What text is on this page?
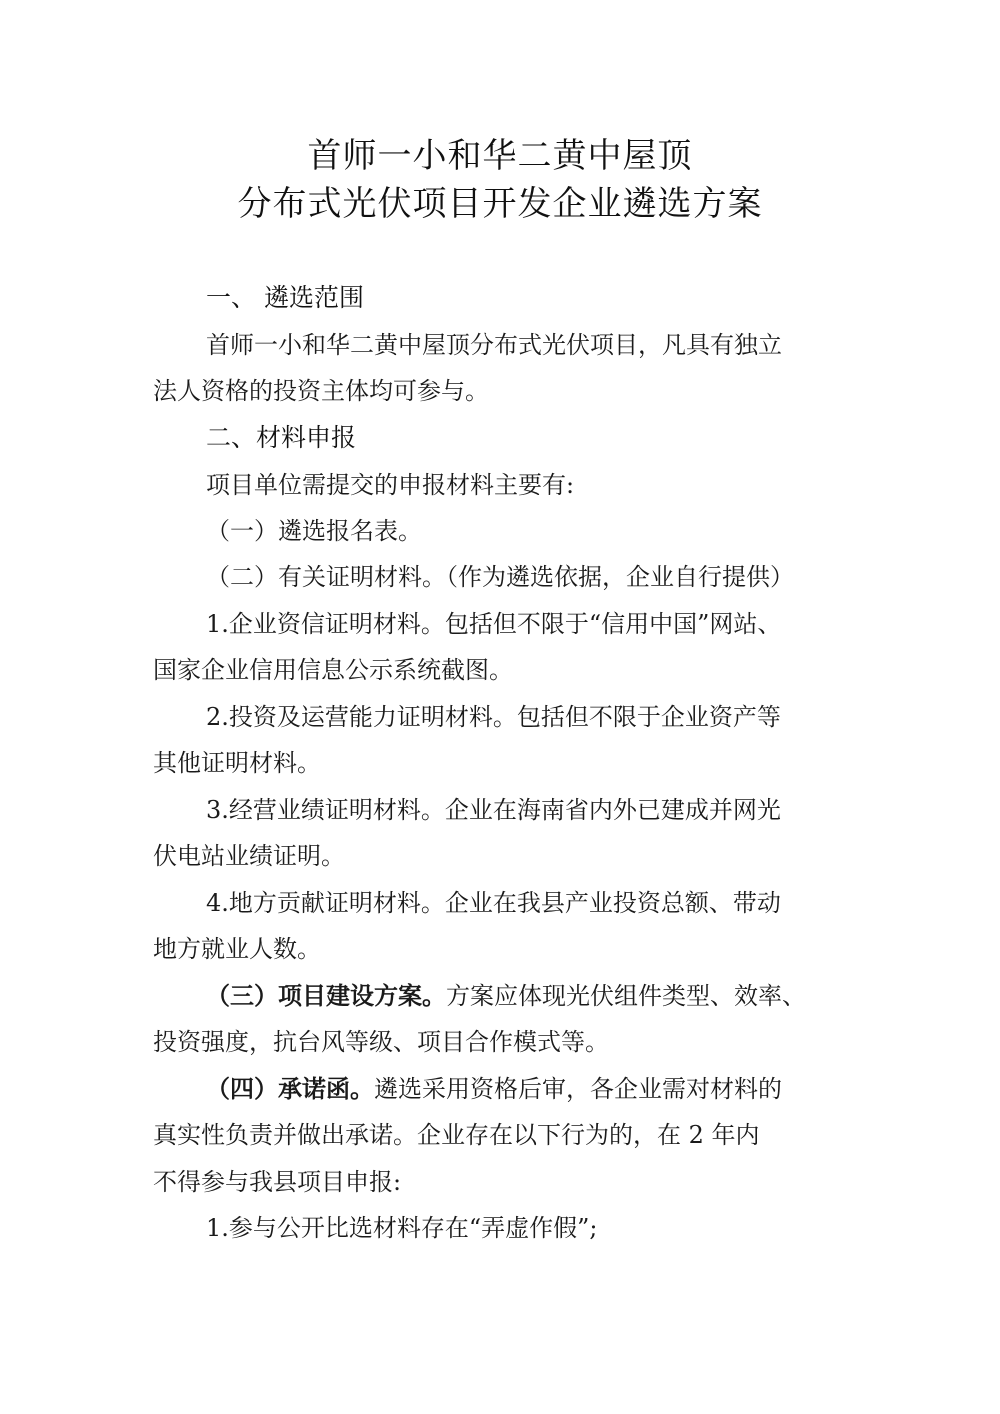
首师一小和华二黄中屋顶
分布式光伏项目开发企业遴选方案
一、 遴选范围
首师一小和华二黄中屋顶分布式光伏项目，凡具有独立
法人资格的投资主体均可参与。
二、材料申报
项目单位需提交的申报材料主要有:
（一）遴选报名表。
（二）有关证明材料。（作为遴选依据，企业自行提供）
1.企业资信证明材料。包括但不限于“信用中国”网站、
国家企业信用信息公示系统截图。
2.投资及运营能力证明材料。包括但不限于企业资产等
其他证明材料。
3.经营业绩证明材料。企业在海南省内外已建成并网光
伏电站业绩证明。
4.地方贡献证明材料。企业在我县产业投资总额、带动
地方就业人数。
（三）项目建设方案。方案应体现光伏组件类型、效率、
投资强度，抗台风等级、项目合作模式等。
（四）承诺函。遴选采用资格后审，各企业需对材料的
真实性负责并做出承诺。企业存在以下行为的，在 2 年内
不得参与我县项目申报:
1.参与公开比选材料存在“弄虚作假”;
